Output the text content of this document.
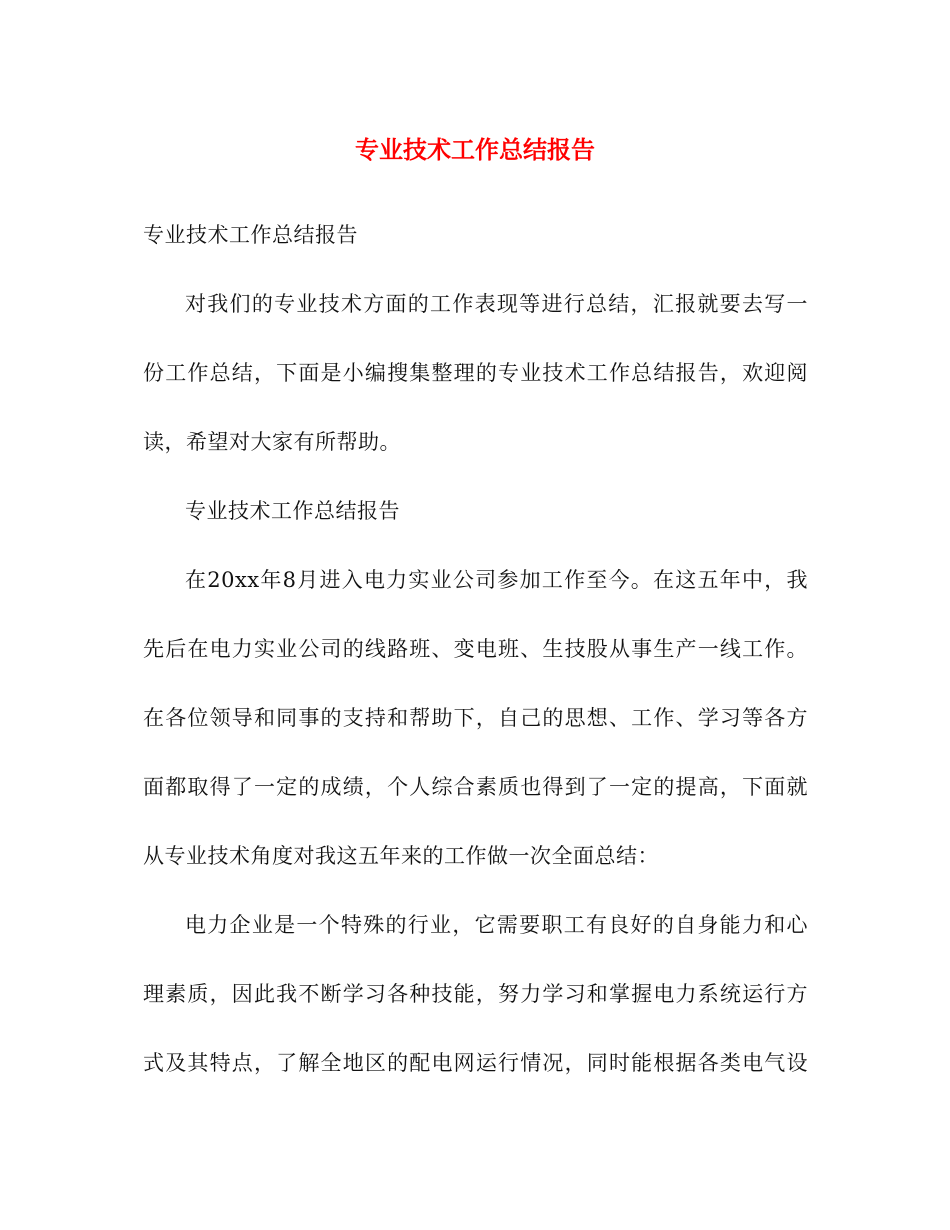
专业技术工作总结报告

专业技术工作总结报告

对我们的专业技术方面的工作表现等进行总结，汇报就要去写一
份工作总结，下面是小编搜集整理的专业技术工作总结报告，欢迎阅
读，希望对大家有所帮助。

专业技术工作总结报告

在20xx年8月进入电力实业公司参加工作至今。在这五年中，我
先后在电力实业公司的线路班、变电班、生技股从事生产一线工作。
在各位领导和同事的支持和帮助下，自己的思想、工作、学习等各方
面都取得了一定的成绩，个人综合素质也得到了一定的提高，下面就
从专业技术角度对我这五年来的工作做一次全面总结：

电力企业是一个特殊的行业，它需要职工有良好的自身能力和心
理素质，因此我不断学习各种技能，努力学习和掌握电力系统运行方
式及其特点，了解全地区的配电网运行情况，同时能根据各类电气设
